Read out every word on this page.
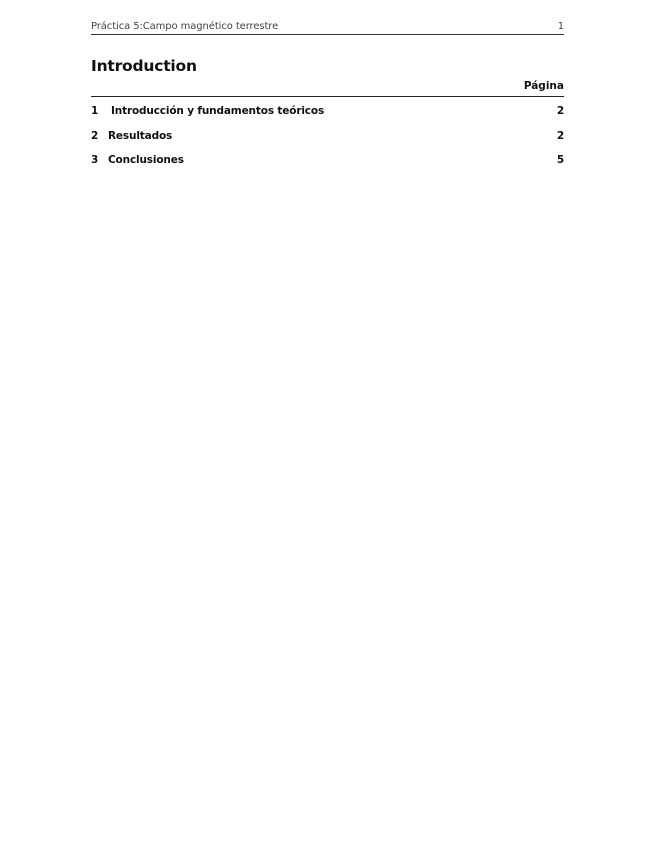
Práctica 5:Campo magnético terrestre	1
Introduction
Página
1 Introducción y fundamentos teóricos	2
2 Resultados	2
3 Conclusiones	5
